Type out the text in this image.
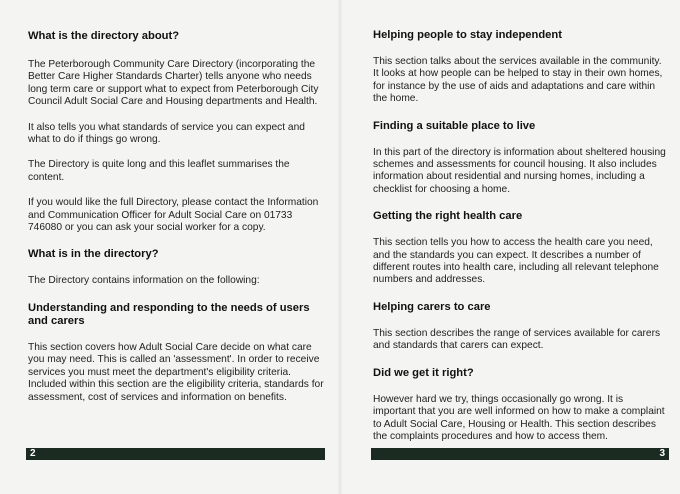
What is the directory about?

The Peterborough Community Care Directory (incorporating the Better Care Higher Standards Charter) tells anyone who needs long term care or support what to expect from Peterborough City Council Adult Social Care and Housing departments and Health.

It also tells you what standards of service you can expect and what to do if things go wrong.

The Directory is quite long and this leaflet summarises the content.

If you would like the full Directory, please contact the Information and Communication Officer for Adult Social Care on 01733 746080 or you can ask your social worker for a copy.

What is in the directory?

The Directory contains information on the following:

Understanding and responding to the needs of users and carers

This section covers how Adult Social Care decide on what care you may need. This is called an 'assessment'. In order to receive services you must meet the department's eligibility criteria. Included within this section are the eligibility criteria, standards for assessment, cost of services and information on benefits.

Helping people to stay independent

This section talks about the services available in the community. It looks at how people can be helped to stay in their own homes, for instance by the use of aids and adaptations and care within the home.

Finding a suitable place to live

In this part of the directory is information about sheltered housing schemes and assessments for council housing. It also includes information about residential and nursing homes, including a checklist for choosing a home.

Getting the right health care

This section tells you how to access the health care you need, and the standards you can expect. It describes a number of different routes into health care, including all relevant telephone numbers and addresses.

Helping carers to care

This section describes the range of services available for carers and standards that carers can expect.

Did we get it right?

However hard we try, things occasionally go wrong. It is important that you are well informed on how to make a complaint to Adult Social Care, Housing or Health. This section describes the complaints procedures and how to access them.

2	3
